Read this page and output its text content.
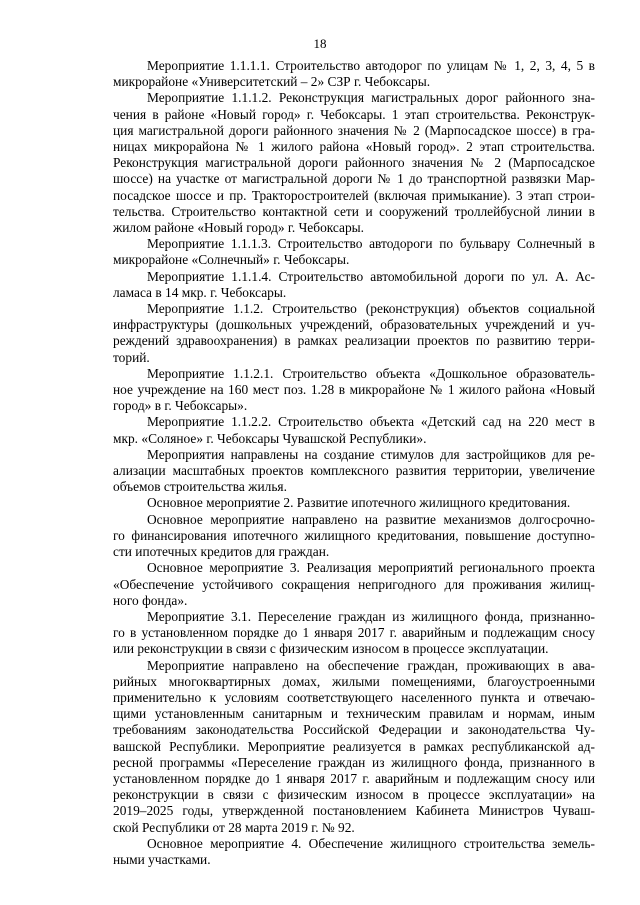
18

Мероприятие 1.1.1.1. Строительство автодорог по улицам № 1, 2, 3, 4, 5 в
микрорайоне «Университетский – 2» СЗР г. Чебоксары.

Мероприятие 1.1.1.2. Реконструкция магистральных дорог районного зна-
чения в районе «Новый город» г. Чебоксары. 1 этап строительства. Реконструк-
ция магистральной дороги районного значения № 2 (Марпосадское шоссе) в гра-
ницах микрорайона № 1 жилого района «Новый город». 2 этап строительства.
Реконструкция магистральной дороги районного значения № 2 (Марпосадское
шоссе) на участке от магистральной дороги № 1 до транспортной развязки Мар-
посадское шоссе и пр. Тракторостроителей (включая примыкание). 3 этап строи-
тельства. Строительство контактной сети и сооружений троллейбусной линии в
жилом районе «Новый город» г. Чебоксары.

Мероприятие 1.1.1.3. Строительство автодороги по бульвару Солнечный в
микрорайоне «Солнечный» г. Чебоксары.

Мероприятие 1.1.1.4. Строительство автомобильной дороги по ул. А. Ас-
ламаса в 14 мкр. г. Чебоксары.

Мероприятие 1.1.2. Строительство (реконструкция) объектов социальной
инфраструктуры (дошкольных учреждений, образовательных учреждений и уч-
реждений здравоохранения) в рамках реализации проектов по развитию терри-
торий.

Мероприятие 1.1.2.1. Строительство объекта «Дошкольное образователь-
ное учреждение на 160 мест поз. 1.28 в микрорайоне № 1 жилого района «Новый
город» в г. Чебоксары».

Мероприятие 1.1.2.2. Строительство объекта «Детский сад на 220 мест в
мкр. «Соляное» г. Чебоксары Чувашской Республики».

Мероприятия направлены на создание стимулов для застройщиков для ре-
ализации масштабных проектов комплексного развития территории, увеличение
объемов строительства жилья.

Основное мероприятие 2. Развитие ипотечного жилищного кредитования.

Основное мероприятие направлено на развитие механизмов долгосрочно-
го финансирования ипотечного жилищного кредитования, повышение доступно-
сти ипотечных кредитов для граждан.

Основное мероприятие 3. Реализация мероприятий регионального проекта
«Обеспечение устойчивого сокращения непригодного для проживания жилищ-
ного фонда».

Мероприятие 3.1. Переселение граждан из жилищного фонда, признанно-
го в установленном порядке до 1 января 2017 г. аварийным и подлежащим сносу
или реконструкции в связи с физическим износом в процессе эксплуатации.

Мероприятие направлено на обеспечение граждан, проживающих в ава-
рийных многоквартирных домах, жилыми помещениями, благоустроенными
применительно к условиям соответствующего населенного пункта и отвечаю-
щими установленным санитарным и техническим правилам и нормам, иным
требованиям законодательства Российской Федерации и законодательства Чу-
вашской Республики. Мероприятие реализуется в рамках республиканской ад-
ресной программы «Переселение граждан из жилищного фонда, признанного в
установленном порядке до 1 января 2017 г. аварийным и подлежащим сносу или
реконструкции в связи с физическим износом в процессе эксплуатации» на
2019–2025 годы, утвержденной постановлением Кабинета Министров Чуваш-
ской Республики от 28 марта 2019 г. № 92.

Основное мероприятие 4. Обеспечение жилищного строительства земель-
ными участками.
